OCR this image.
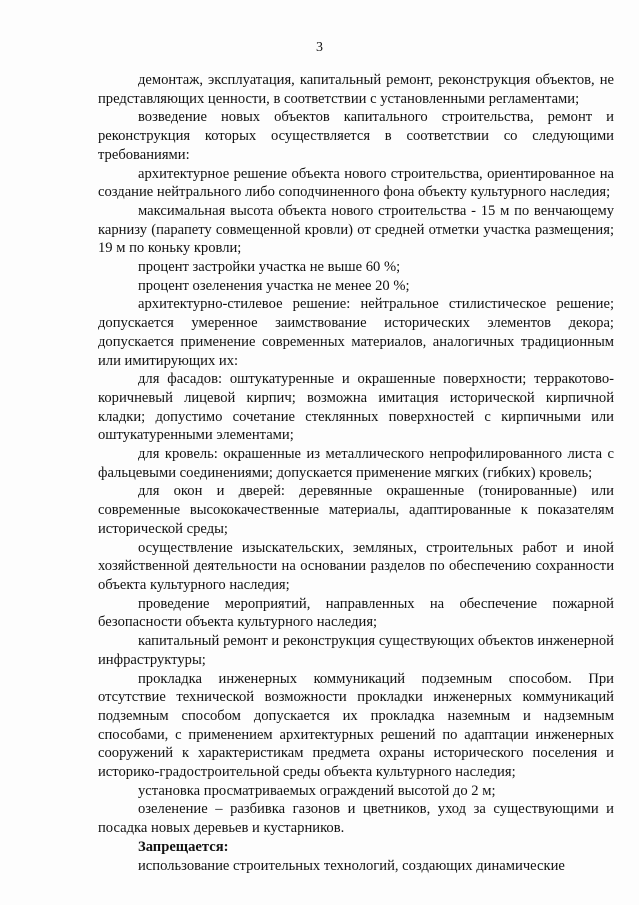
3

демонтаж, эксплуатация, капитальный ремонт, реконструкция объектов, не представляющих ценности, в соответствии с установленными регламентами;

возведение новых объектов капитального строительства, ремонт и реконструкция которых осуществляется в соответствии со следующими требованиями:

архитектурное решение объекта нового строительства, ориентированное на создание нейтрального либо соподчиненного фона объекту культурного наследия;

максимальная высота объекта нового строительства - 15 м по венчающему карнизу (парапету совмещенной кровли) от средней отметки участка размещения; 19 м по коньку кровли;

процент застройки участка не выше 60 %;

процент озеленения участка не менее 20 %;

архитектурно-стилевое решение: нейтральное стилистическое решение; допускается умеренное заимствование исторических элементов декора; допускается применение современных материалов, аналогичных традиционным или имитирующих их:

для фасадов: оштукатуренные и окрашенные поверхности; терракотово-коричневый лицевой кирпич; возможна имитация исторической кирпичной кладки; допустимо сочетание стеклянных поверхностей с кирпичными или оштукатуренными элементами;

для кровель: окрашенные из металлического непрофилированного листа с фальцевыми соединениями; допускается применение мягких (гибких) кровель;

для окон и дверей: деревянные окрашенные (тонированные) или современные высококачественные материалы, адаптированные к показателям исторической среды;

осуществление изыскательских, земляных, строительных работ и иной хозяйственной деятельности на основании разделов по обеспечению сохранности объекта культурного наследия;

проведение мероприятий, направленных на обеспечение пожарной безопасности объекта культурного наследия;

капитальный ремонт и реконструкция существующих объектов инженерной инфраструктуры;

прокладка инженерных коммуникаций подземным способом. При отсутствие технической возможности прокладки инженерных коммуникаций подземным способом допускается их прокладка наземным и надземным способами, с применением архитектурных решений по адаптации инженерных сооружений к характеристикам предмета охраны исторического поселения и историко-градостроительной среды объекта культурного наследия;

установка просматриваемых ограждений высотой до 2 м;

озеленение – разбивка газонов и цветников, уход за существующими и посадка новых деревьев и кустарников.

Запрещается:

использование строительных технологий, создающих динамические
